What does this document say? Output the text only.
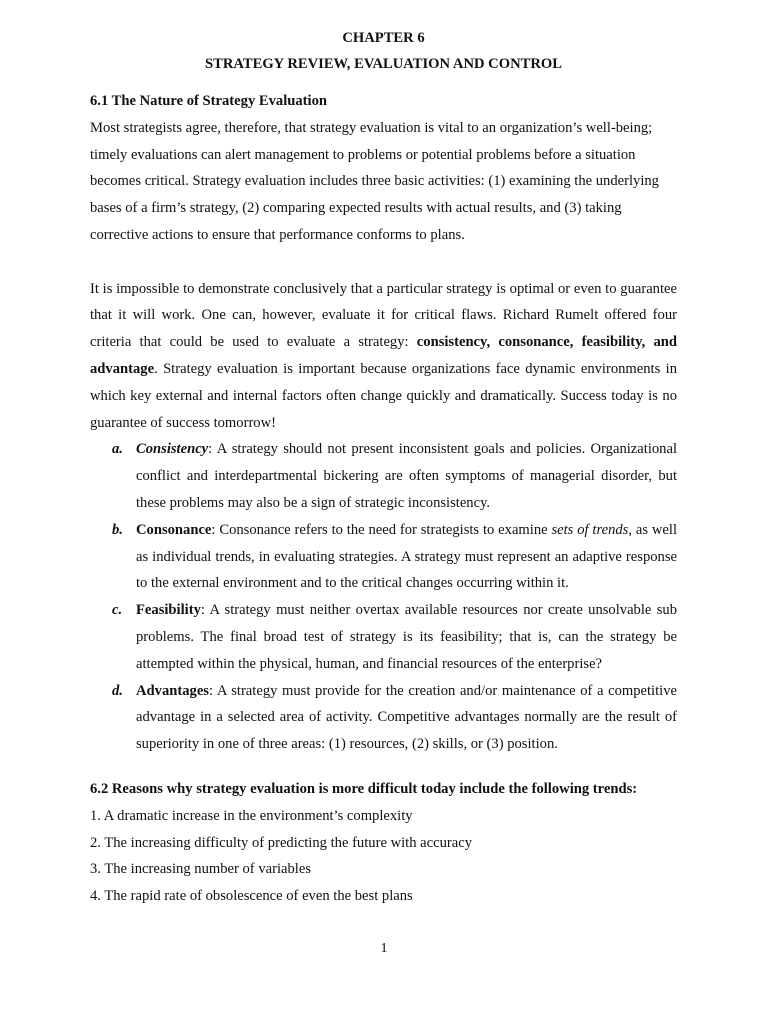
CHAPTER 6

STRATEGY REVIEW, EVALUATION AND CONTROL

6.1 The Nature of Strategy Evaluation

Most strategists agree, therefore, that strategy evaluation is vital to an organization’s well-being; timely evaluations can alert management to problems or potential problems before a situation becomes critical. Strategy evaluation includes three basic activities: (1) examining the underlying bases of a firm’s strategy, (2) comparing expected results with actual results, and (3) taking corrective actions to ensure that performance conforms to plans.

It is impossible to demonstrate conclusively that a particular strategy is optimal or even to guarantee that it will work. One can, however, evaluate it for critical flaws. Richard Rumelt offered four criteria that could be used to evaluate a strategy: consistency, consonance, feasibility, and advantage. Strategy evaluation is important because organizations face dynamic environments in which key external and internal factors often change quickly and dramatically. Success today is no guarantee of success tomorrow!

a. Consistency: A strategy should not present inconsistent goals and policies. Organizational conflict and interdepartmental bickering are often symptoms of managerial disorder, but these problems may also be a sign of strategic inconsistency.
b. Consonance: Consonance refers to the need for strategists to examine sets of trends, as well as individual trends, in evaluating strategies. A strategy must represent an adaptive response to the external environment and to the critical changes occurring within it.
c. Feasibility: A strategy must neither overtax available resources nor create unsolvable sub problems. The final broad test of strategy is its feasibility; that is, can the strategy be attempted within the physical, human, and financial resources of the enterprise?
d. Advantages: A strategy must provide for the creation and/or maintenance of a competitive advantage in a selected area of activity. Competitive advantages normally are the result of superiority in one of three areas: (1) resources, (2) skills, or (3) position.

6.2 Reasons why strategy evaluation is more difficult today include the following trends:

1. A dramatic increase in the environment’s complexity

2. The increasing difficulty of predicting the future with accuracy

3. The increasing number of variables

4. The rapid rate of obsolescence of even the best plans

1
